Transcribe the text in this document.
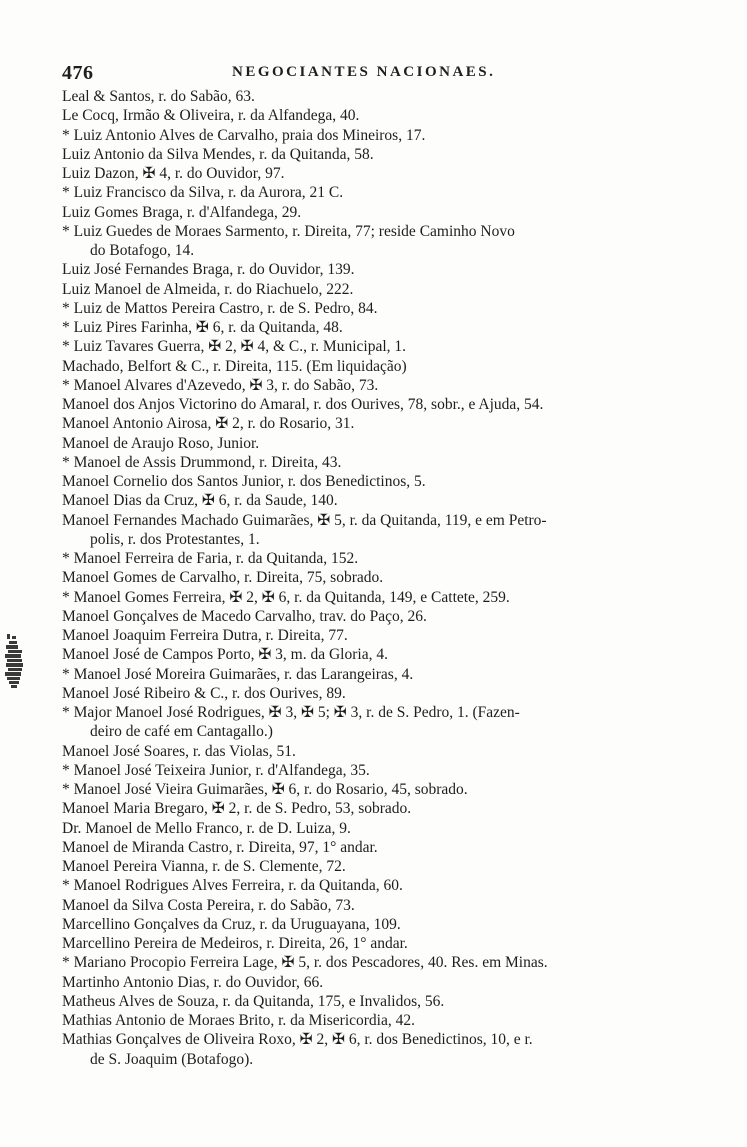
476	NEGOCIANTES NACIONAES.
Leal & Santos, r. do Sabão, 63.
Le Cocq, Irmão & Oliveira, r. da Alfandega, 40.
* Luiz Antonio Alves de Carvalho, praia dos Mineiros, 17.
Luiz Antonio da Silva Mendes, r. da Quitanda, 58.
Luiz Dazon, ✠ 4, r. do Ouvidor, 97.
* Luiz Francisco da Silva, r. da Aurora, 21 C.
Luiz Gomes Braga, r. d'Alfandega, 29.
* Luiz Guedes de Moraes Sarmento, r. Direita, 77; reside Caminho Novo
do Botafogo, 14.
Luiz José Fernandes Braga, r. do Ouvidor, 139.
Luiz Manoel de Almeida, r. do Riachuelo, 222.
* Luiz de Mattos Pereira Castro, r. de S. Pedro, 84.
* Luiz Pires Farinha, ✠ 6, r. da Quitanda, 48.
* Luiz Tavares Guerra, ✠ 2, ✠ 4, & C., r. Municipal, 1.
Machado, Belfort & C., r. Direita, 115. (Em liquidação)
* Manoel Alvares d'Azevedo, ✠ 3, r. do Sabão, 73.
Manoel dos Anjos Victorino do Amaral, r. dos Ourives, 78, sobr., e Ajuda, 54.
Manoel Antonio Airosa, ✠ 2, r. do Rosario, 31.
Manoel de Araujo Roso, Junior.
* Manoel de Assis Drummond, r. Direita, 43.
Manoel Cornelio dos Santos Junior, r. dos Benedictinos, 5.
Manoel Dias da Cruz, ✠ 6, r. da Saude, 140.
Manoel Fernandes Machado Guimarães, ✠ 5, r. da Quitanda, 119, e em Petro-
polis, r. dos Protestantes, 1.
* Manoel Ferreira de Faria, r. da Quitanda, 152.
Manoel Gomes de Carvalho, r. Direita, 75, sobrado.
* Manoel Gomes Ferreira, ✠ 2, ✠ 6, r. da Quitanda, 149, e Cattete, 259.
Manoel Gonçalves de Macedo Carvalho, trav. do Paço, 26.
Manoel Joaquim Ferreira Dutra, r. Direita, 77.
Manoel José de Campos Porto, ✠ 3, m. da Gloria, 4.
* Manoel José Moreira Guimarães, r. das Larangeiras, 4.
Manoel José Ribeiro & C., r. dos Ourives, 89.
* Major Manoel José Rodrigues, ✠ 3, ✠ 5; ✠ 3, r. de S. Pedro, 1. (Fazen-
deiro de café em Cantagallo.)
Manoel José Soares, r. das Violas, 51.
* Manoel José Teixeira Junior, r. d'Alfandega, 35.
* Manoel José Vieira Guimarães, ✠ 6, r. do Rosario, 45, sobrado.
Manoel Maria Bregaro, ✠ 2, r. de S. Pedro, 53, sobrado.
Dr. Manoel de Mello Franco, r. de D. Luiza, 9.
Manoel de Miranda Castro, r. Direita, 97, 1° andar.
Manoel Pereira Vianna, r. de S. Clemente, 72.
* Manoel Rodrigues Alves Ferreira, r. da Quitanda, 60.
Manoel da Silva Costa Pereira, r. do Sabão, 73.
Marcellino Gonçalves da Cruz, r. da Uruguayana, 109.
Marcellino Pereira de Medeiros, r. Direita, 26, 1° andar.
* Mariano Procopio Ferreira Lage, ✠ 5, r. dos Pescadores, 40. Res. em Minas.
Martinho Antonio Dias, r. do Ouvidor, 66.
Matheus Alves de Souza, r. da Quitanda, 175, e Invalidos, 56.
Mathias Antonio de Moraes Brito, r. da Misericordia, 42.
Mathias Gonçalves de Oliveira Roxo, ✠ 2, ✠ 6, r. dos Benedictinos, 10, e r.
de S. Joaquim (Botafogo).
